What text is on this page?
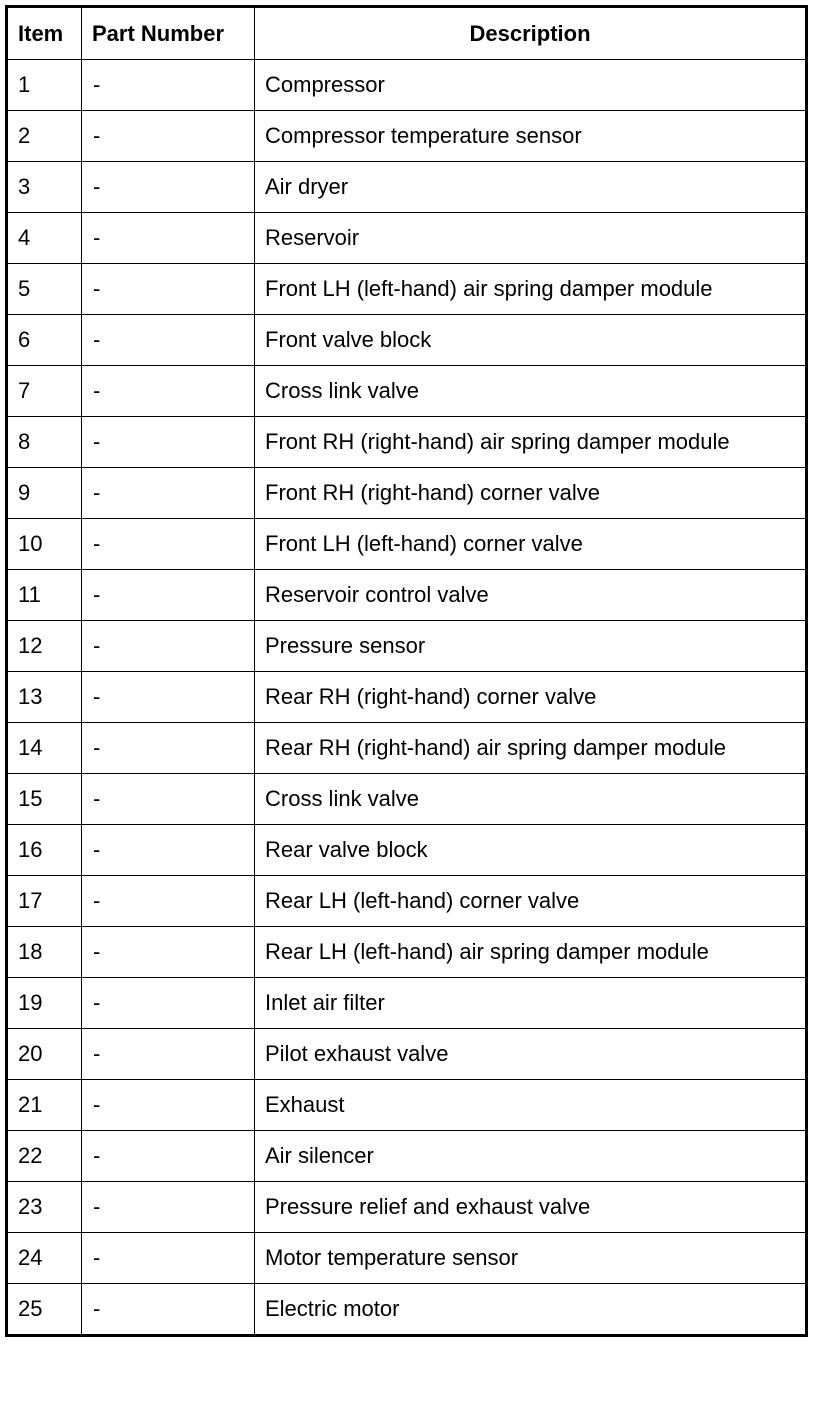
Item	Part Number	Description
1	-	Compressor
2	-	Compressor temperature sensor
3	-	Air dryer
4	-	Reservoir
5	-	Front LH (left-hand) air spring damper module
6	-	Front valve block
7	-	Cross link valve
8	-	Front RH (right-hand) air spring damper module
9	-	Front RH (right-hand) corner valve
10	-	Front LH (left-hand) corner valve
11	-	Reservoir control valve
12	-	Pressure sensor
13	-	Rear RH (right-hand) corner valve
14	-	Rear RH (right-hand) air spring damper module
15	-	Cross link valve
16	-	Rear valve block
17	-	Rear LH (left-hand) corner valve
18	-	Rear LH (left-hand) air spring damper module
19	-	Inlet air filter
20	-	Pilot exhaust valve
21	-	Exhaust
22	-	Air silencer
23	-	Pressure relief and exhaust valve
24	-	Motor temperature sensor
25	-	Electric motor
